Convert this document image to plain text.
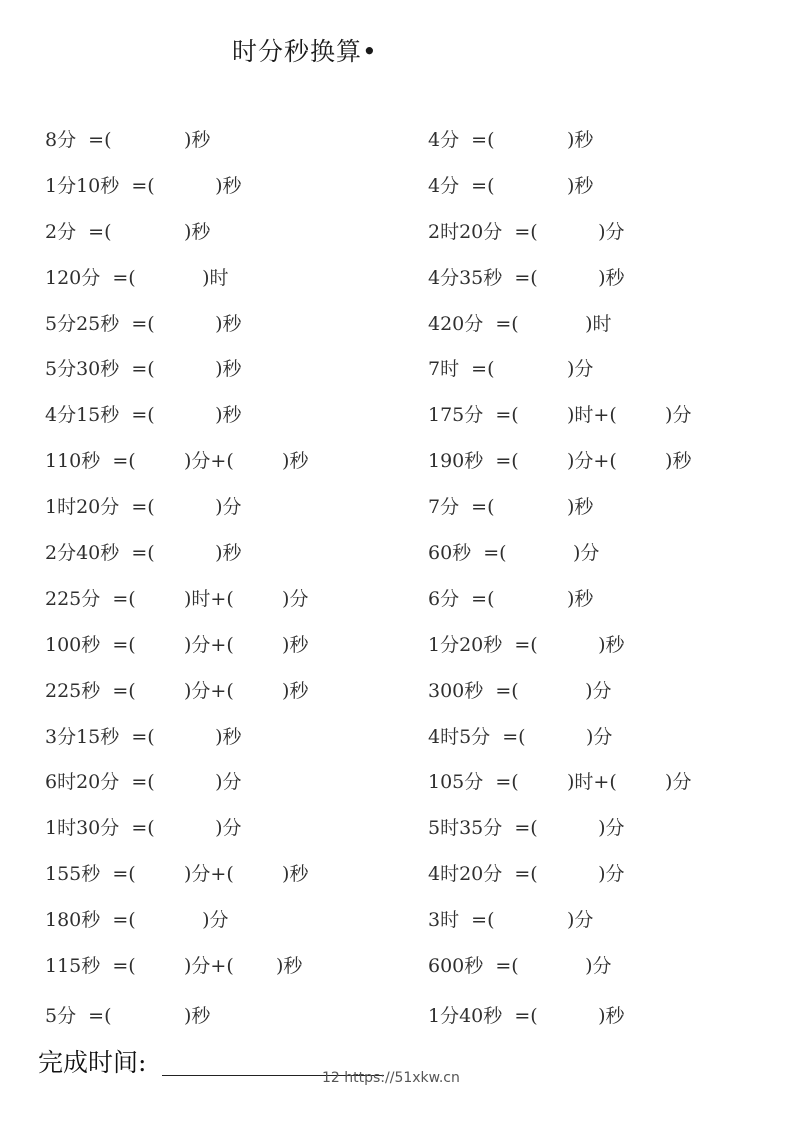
时分秒换算•
8分  =(            )秒
1分10秒  =(          )秒
2分  =(            )秒
120分  =(           )时
5分25秒  =(          )秒
5分30秒  =(          )秒
4分15秒  =(          )秒
110秒  =(        )分+(        )秒
1时20分  =(          )分
2分40秒  =(          )秒
225分  =(        )时+(        )分
100秒  =(        )分+(        )秒
225秒  =(        )分+(        )秒
3分15秒  =(          )秒
6时20分  =(          )分
1时30分  =(          )分
155秒  =(        )分+(        )秒
180秒  =(           )分
115秒  =(        )分+(       )秒
5分  =(            )秒
4分  =(            )秒
4分  =(            )秒
2时20分  =(          )分
4分35秒  =(          )秒
420分  =(           )时
7时  =(            )分
175分  =(        )时+(        )分
190秒  =(        )分+(        )秒
7分  =(            )秒
60秒  =(           )分
6分  =(            )秒
1分20秒  =(          )秒
300秒  =(           )分
4时5分  =(          )分
105分  =(        )时+(        )分
5时35分  =(          )分
4时20分  =(          )分
3时  =(            )分
600秒  =(           )分
1分40秒  =(          )秒
完成时间:
12 https://51xkw.cn
